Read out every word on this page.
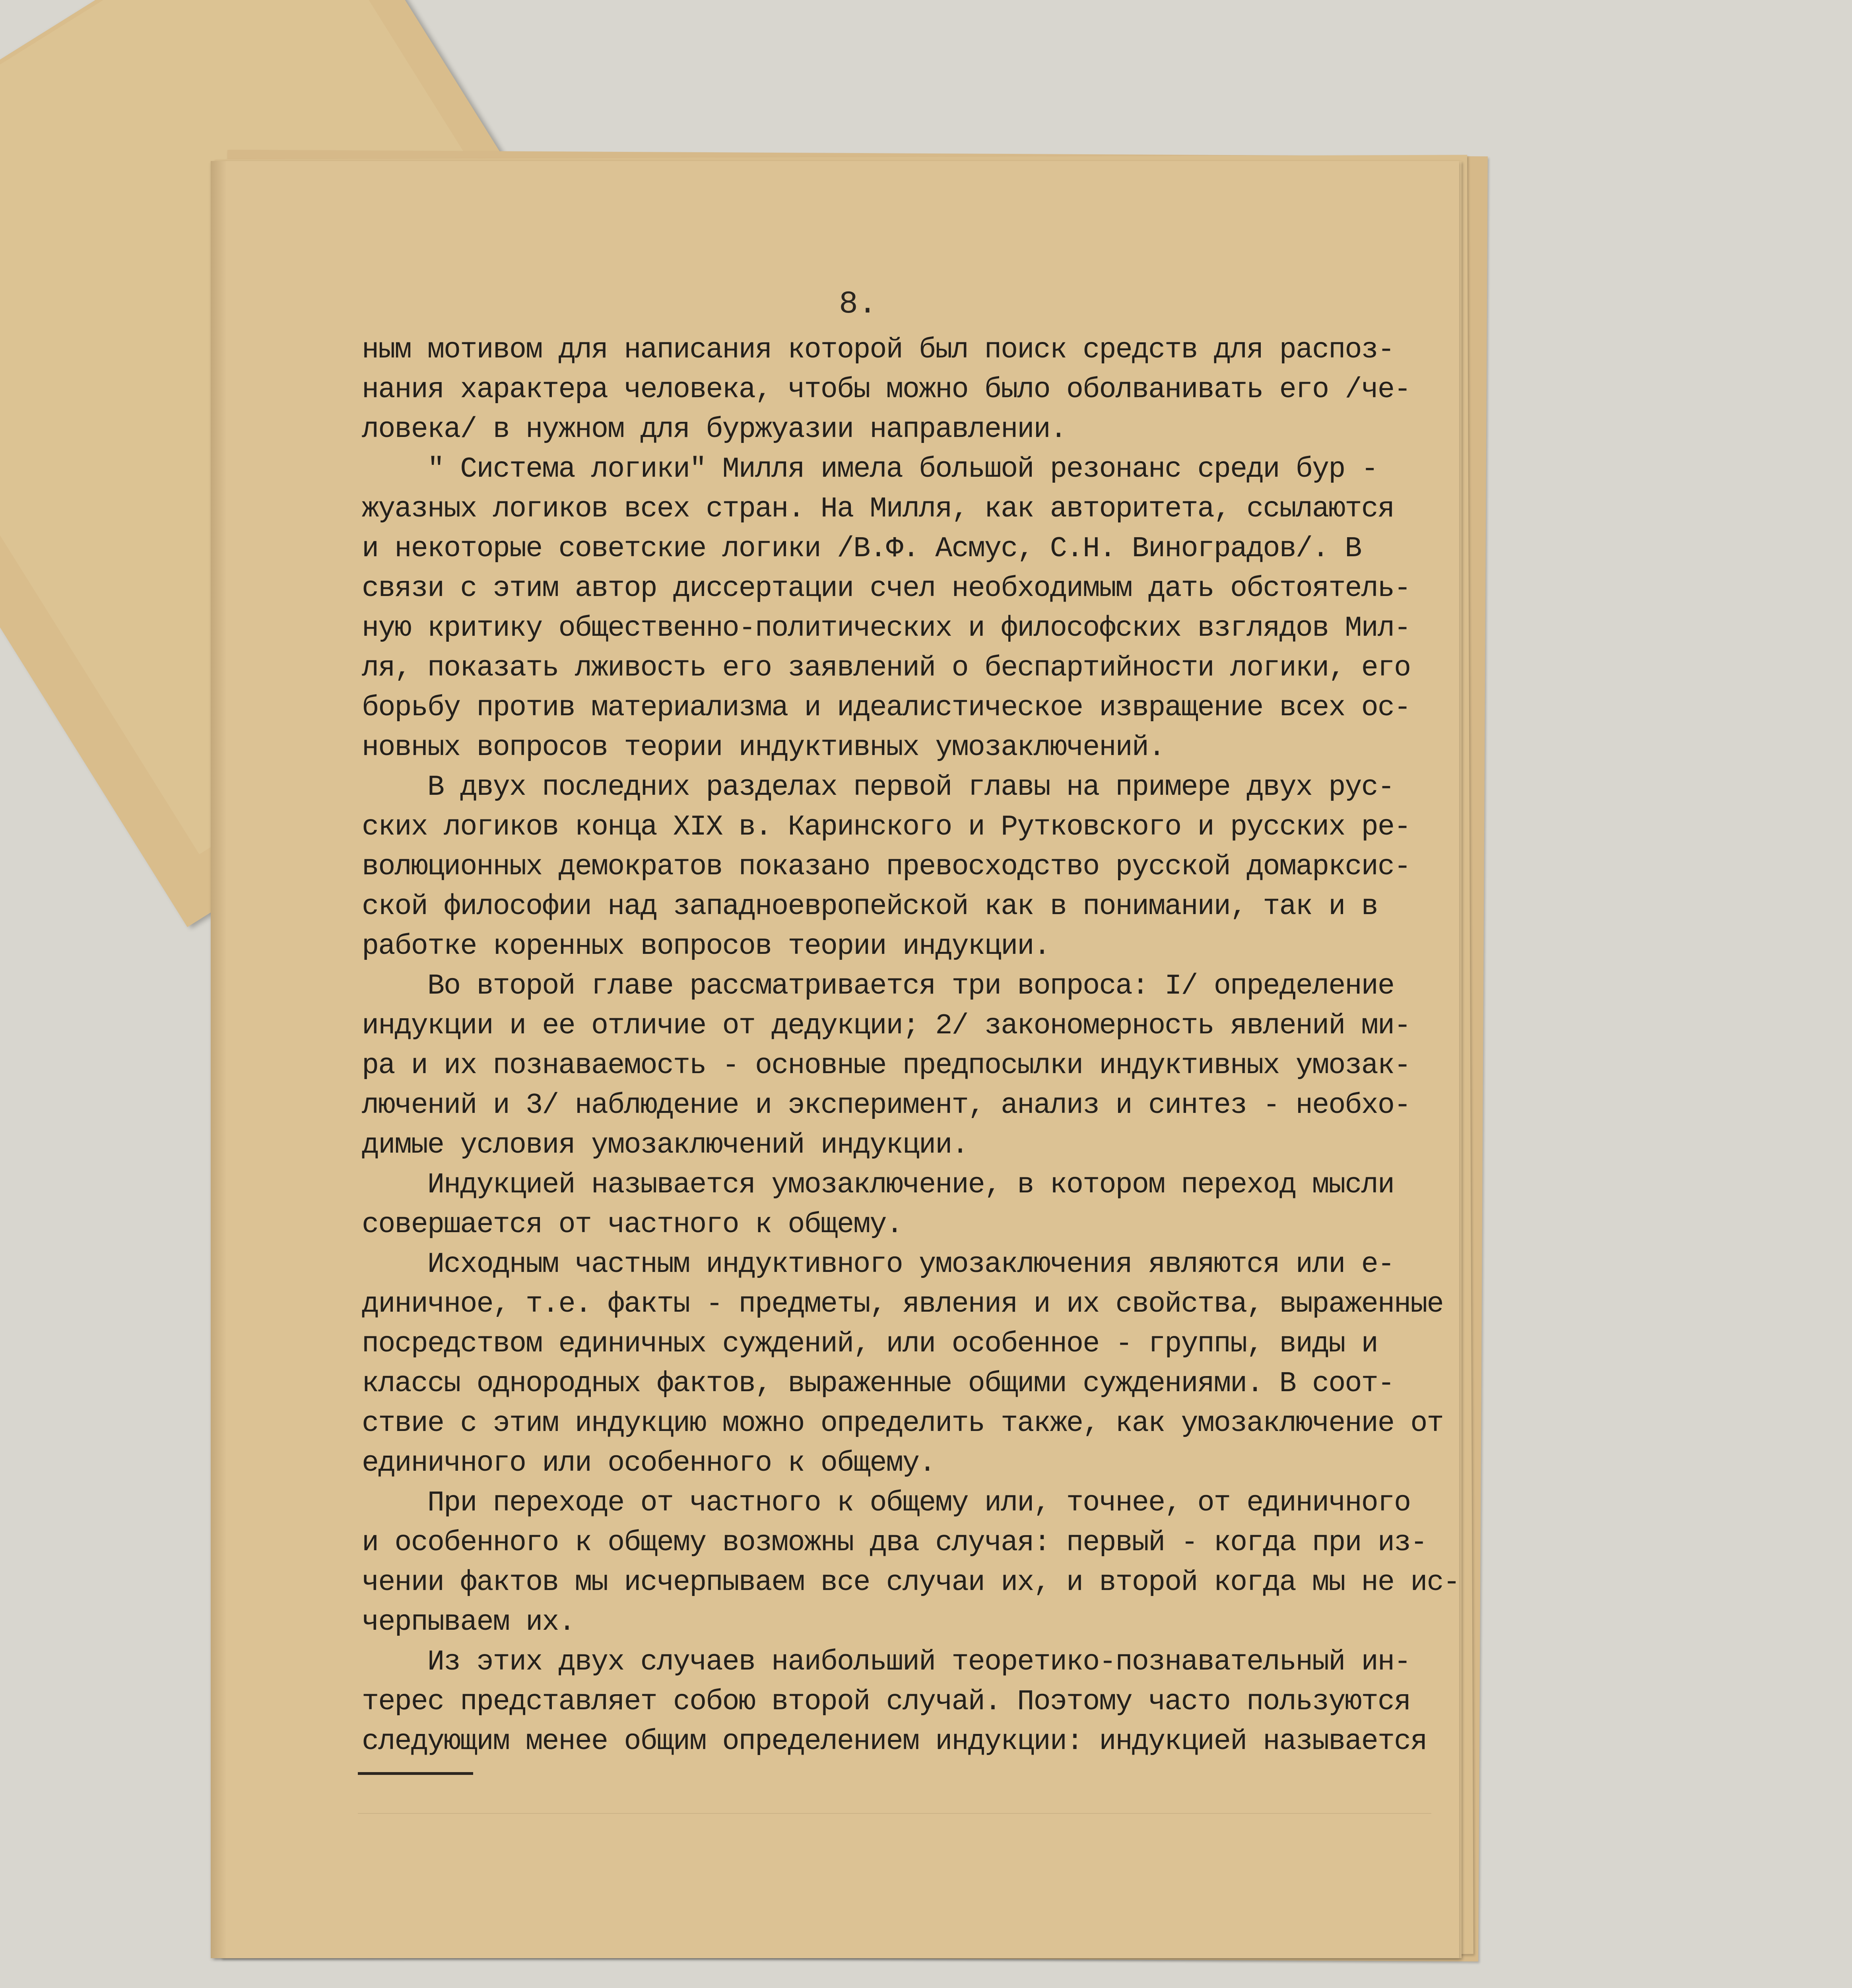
8.
ным мотивом для написания которой был поиск средств для распоз-
нания характера человека, чтобы можно было оболванивать его /че-
ловека/ в нужном для буржуазии направлении.
" Система логики" Милля имела большой резонанс среди бур -
жуазных логиков всех стран. На Милля, как авторитета, ссылаются
и некоторые советские логики /В.Ф. Асмус, С.Н. Виноградов/. В
связи с этим автор диссертации счел необходимым дать обстоятель-
ную критику общественно-политических и философских взглядов Мил-
ля, показать лживость его заявлений о беспартийности логики, его
борьбу против материализма и идеалистическое извращение всех ос-
новных вопросов теории индуктивных умозаключений.
В двух последних разделах первой главы на примере двух рус-
ских логиков конца XIX в. Каринского и Рутковского и русских ре-
волюционных демократов показано превосходство русской домарксис-
ской философии над западноевропейской как в понимании, так и в
работке коренных вопросов теории индукции.
Во второй главе рассматривается три вопроса: I/ определение
индукции и ее отличие от дедукции; 2/ закономерность явлений ми-
ра и их познаваемость - основные предпосылки индуктивных умозак-
лючений и 3/ наблюдение и эксперимент, анализ и синтез - необхо-
димые условия умозаключений индукции.
Индукцией называется умозаключение, в котором переход мысли
совершается от частного к общему.
Исходным частным индуктивного умозаключения являются или е-
диничное, т.е. факты - предметы, явления и их свойства, выраженные
посредством единичных суждений, или особенное - группы, виды и
классы однородных фактов, выраженные общими суждениями. В соот-
ствие с этим индукцию можно определить также, как умозаключение от
единичного или особенного к общему.
При переходе от частного к общему или, точнее, от единичного
и особенного к общему возможны два случая: первый - когда при из-
чении фактов мы исчерпываем все случаи их, и второй когда мы не ис-
черпываем их.
Из этих двух случаев наибольший теоретико-познавательный ин-
терес представляет собою второй случай. Поэтому часто пользуются
следующим менее общим определением индукции: индукцией называется
